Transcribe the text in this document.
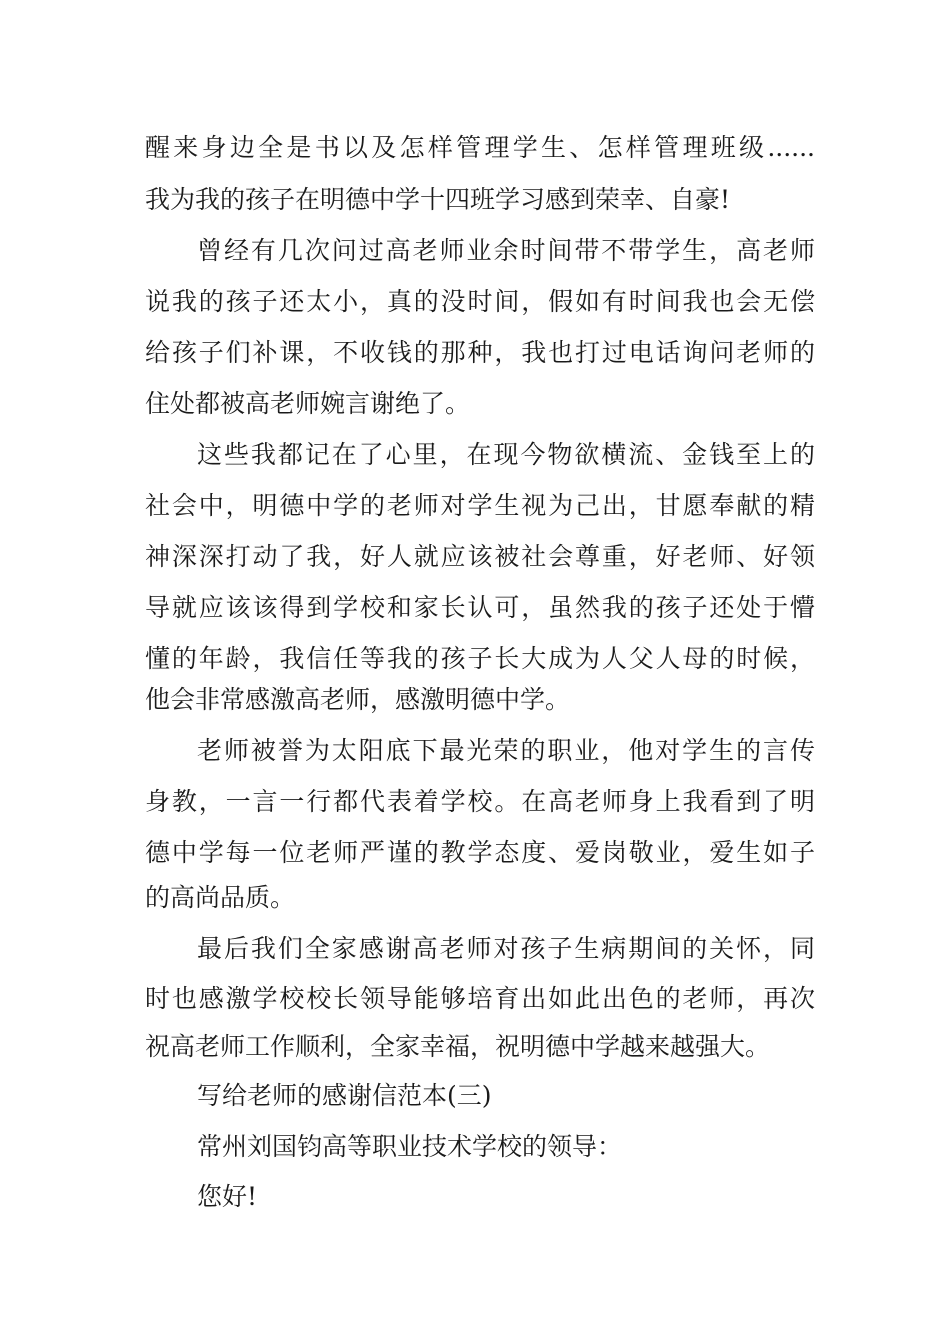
醒来身边全是书以及怎样管理学生、怎样管理班级......
我为我的孩子在明德中学十四班学习感到荣幸、自豪!
曾经有几次问过高老师业余时间带不带学生，高老师
说我的孩子还太小，真的没时间，假如有时间我也会无偿
给孩子们补课，不收钱的那种，我也打过电话询问老师的
住处都被高老师婉言谢绝了。
这些我都记在了心里，在现今物欲横流、金钱至上的
社会中，明德中学的老师对学生视为己出，甘愿奉献的精
神深深打动了我，好人就应该被社会尊重，好老师、好领
导就应该该得到学校和家长认可，虽然我的孩子还处于懵
懂的年龄，我信任等我的孩子长大成为人父人母的时候，
他会非常感激高老师，感激明德中学。
老师被誉为太阳底下最光荣的职业，他对学生的言传
身教，一言一行都代表着学校。在高老师身上我看到了明
德中学每一位老师严谨的教学态度、爱岗敬业，爱生如子
的高尚品质。
最后我们全家感谢高老师对孩子生病期间的关怀，同
时也感激学校校长领导能够培育出如此出色的老师，再次
祝高老师工作顺利，全家幸福，祝明德中学越来越强大。
写给老师的感谢信范本(三)
常州刘国钧高等职业技术学校的领导：
您好!
